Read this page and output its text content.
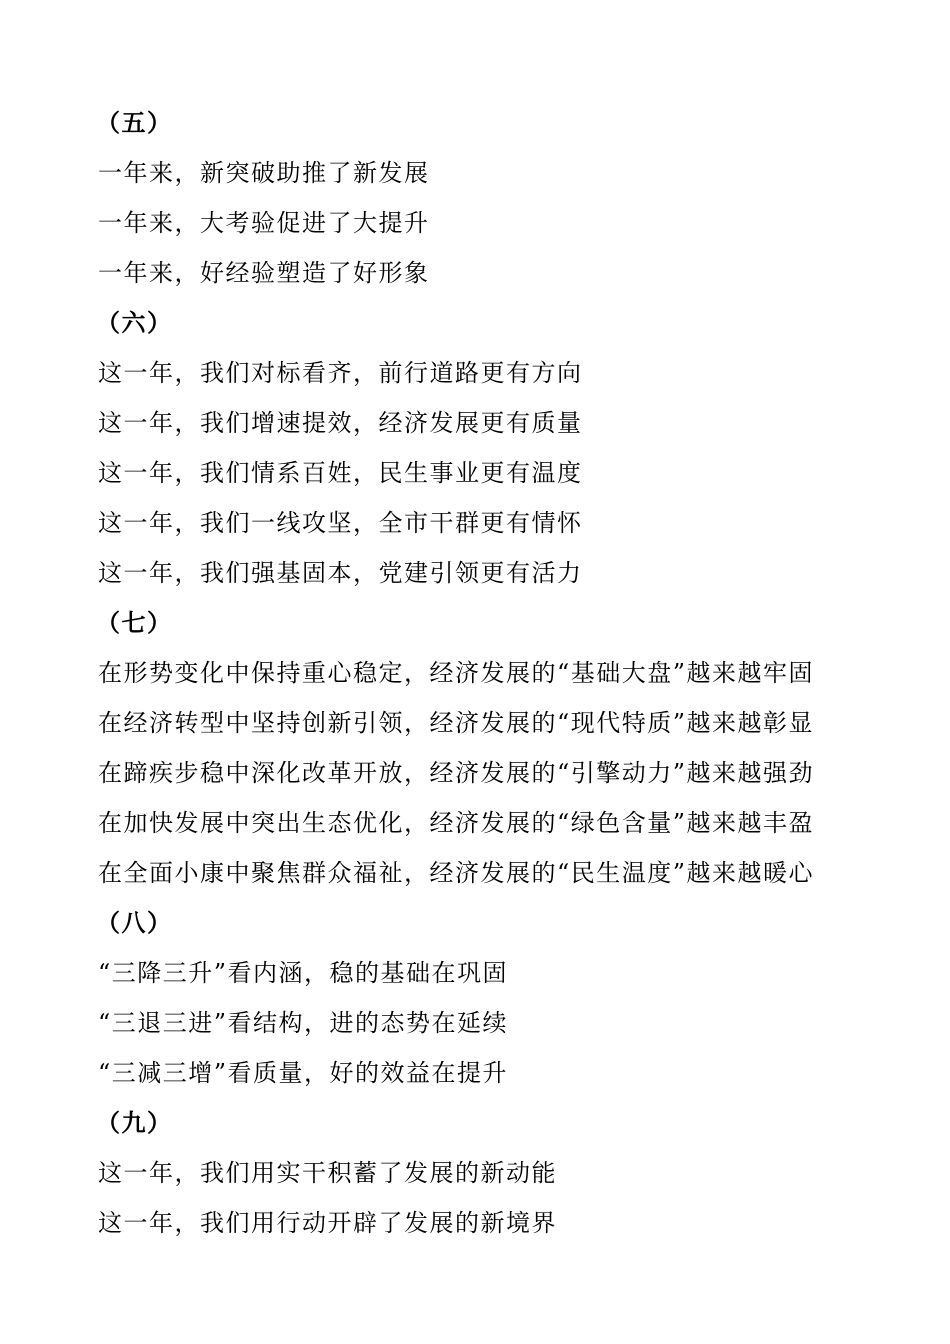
（五）
一年来，新突破助推了新发展
一年来，大考验促进了大提升
一年来，好经验塑造了好形象
（六）
这一年，我们对标看齐，前行道路更有方向
这一年，我们增速提效，经济发展更有质量
这一年，我们情系百姓，民生事业更有温度
这一年，我们一线攻坚，全市干群更有情怀
这一年，我们强基固本，党建引领更有活力
（七）
在形势变化中保持重心稳定，经济发展的“基础大盘”越来越牢固
在经济转型中坚持创新引领，经济发展的“现代特质”越来越彰显
在蹄疾步稳中深化改革开放，经济发展的“引擎动力”越来越强劲
在加快发展中突出生态优化，经济发展的“绿色含量”越来越丰盈
在全面小康中聚焦群众福祉，经济发展的“民生温度”越来越暖心
（八）
“三降三升”看内涵，稳的基础在巩固
“三退三进”看结构，进的态势在延续
“三减三增”看质量，好的效益在提升
（九）
这一年，我们用实干积蓄了发展的新动能
这一年，我们用行动开辟了发展的新境界
